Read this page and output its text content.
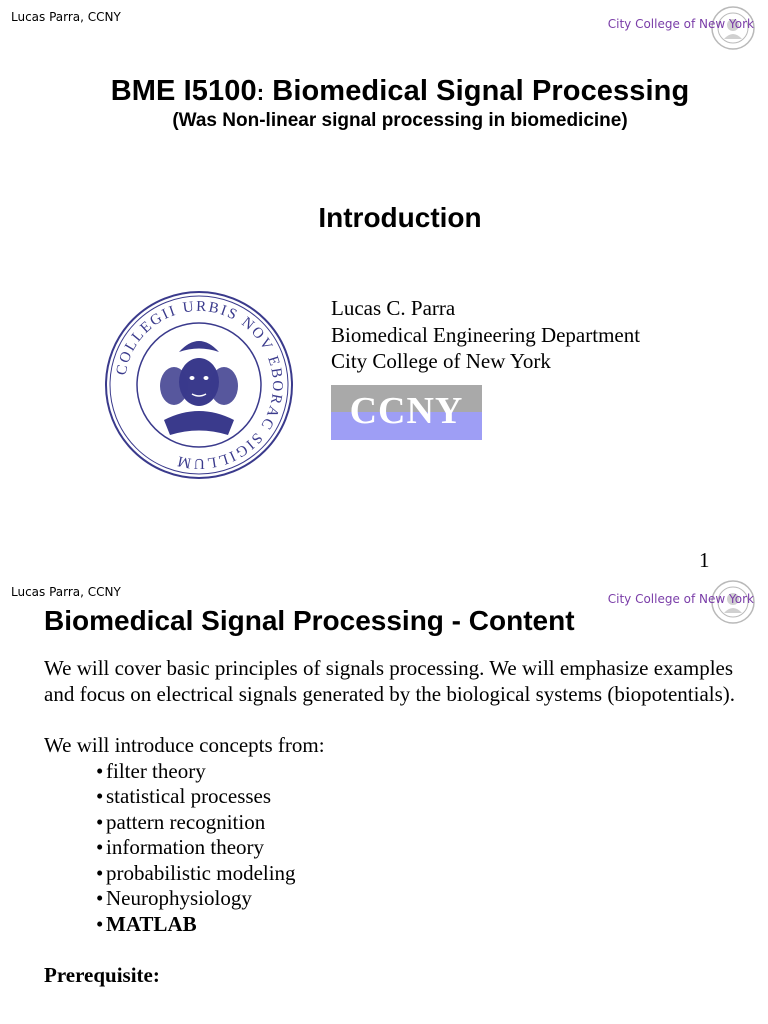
Lucas Parra, CCNY	City College of New York
BME I5100: Biomedical Signal Processing
(Was Non-linear signal processing in biomedicine)
Introduction
COLLEGII URBIS NOV EBORAC SIGILLUM
Lucas C. Parra
Biomedical Engineering Department
City College of New York
CCNY
1
Lucas Parra, CCNY	City College of New York
Biomedical Signal Processing - Content

We will cover basic principles of signals processing. We will emphasize examples and focus on electrical signals generated by the biological systems (biopotentials).

We will introduce concepts from:

• filter theory
• statistical processes
• pattern recognition
• information theory
• probabilistic modeling
• Neurophysiology
• MATLAB

Prerequisite:
